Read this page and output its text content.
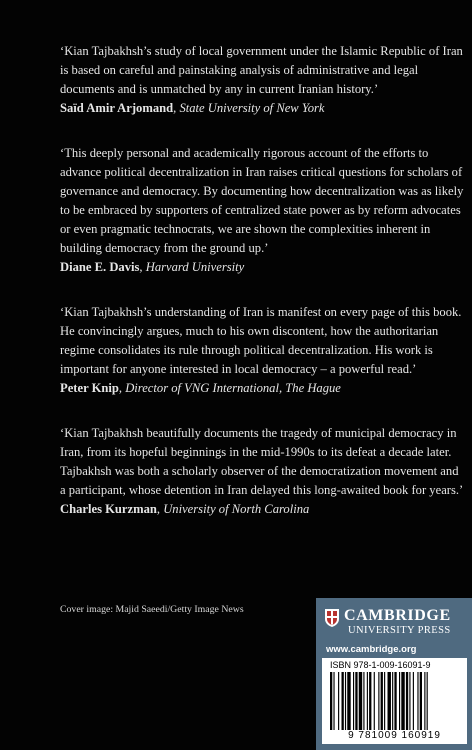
‘Kian Tajbakhsh’s study of local government under the Islamic Republic of Iran is based on careful and painstaking analysis of administrative and legal documents and is unmatched by any in current Iranian history.’

Saïd Amir Arjomand, State University of New York

‘This deeply personal and academically rigorous account of the efforts to advance political decentralization in Iran raises critical questions for scholars of governance and democracy. By documenting how decentralization was as likely to be embraced by supporters of centralized state power as by reform advocates or even pragmatic technocrats, we are shown the complexities inherent in building democracy from the ground up.’

Diane E. Davis, Harvard University

‘Kian Tajbakhsh’s understanding of Iran is manifest on every page of this book. He convincingly argues, much to his own discontent, how the authoritarian regime consolidates its rule through political decentralization. His work is important for anyone interested in local democracy – a powerful read.’

Peter Knip, Director of VNG International, The Hague

‘Kian Tajbakhsh beautifully documents the tragedy of municipal democracy in Iran, from its hopeful beginnings in the mid-1990s to its defeat a decade later. Tajbakhsh was both a scholarly observer of the democratization movement and a participant, whose detention in Iran delayed this long-awaited book for years.’

Charles Kurzman, University of North Carolina

Cover image: Majid Saeedi/Getty Image News	CAMBRIDGE
UNIVERSITY PRESS
www.cambridge.org
ISBN 978-1-009-16091-9
9 781009 160919
